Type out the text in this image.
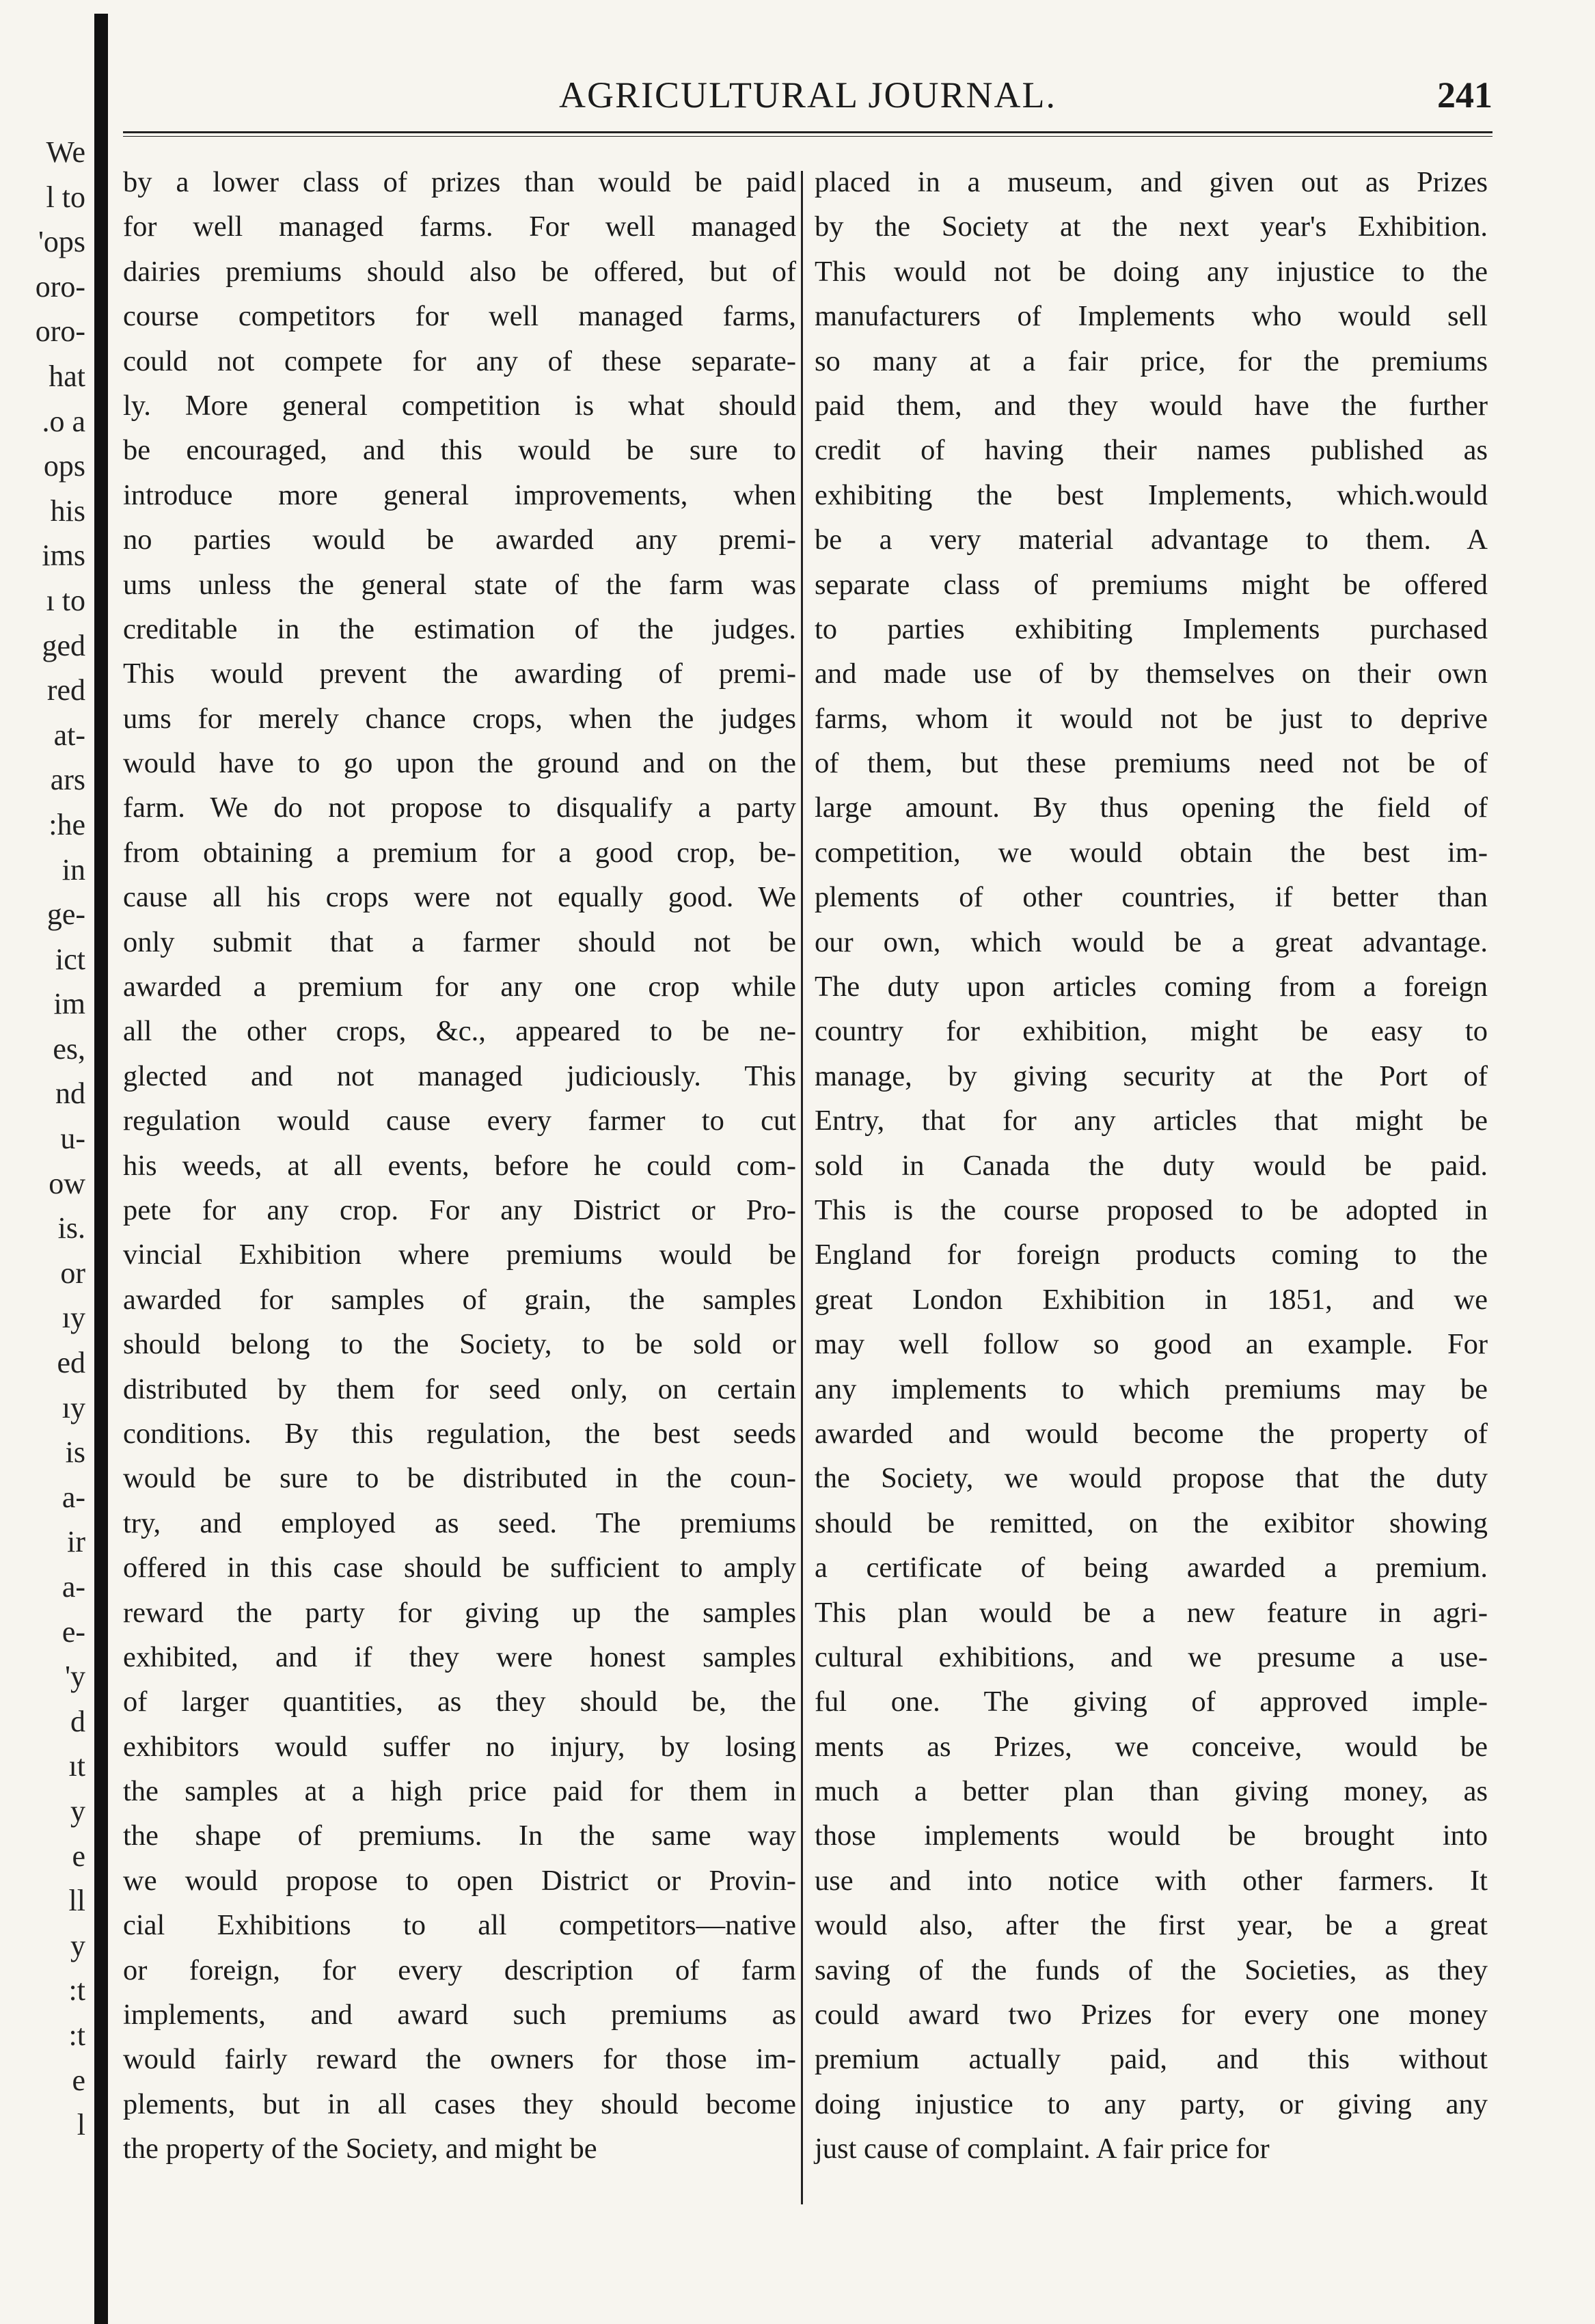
We
l to
'ops
oro-
oro-
hat
.o a
ops
his
ims
ı to
ged
red
at-
ars
:he
in
ge-
ict
im
es,
nd
u-
ow
is.
or
ıy
ed
ıy
is
a-
ir
a-
e-
'y
d
ıt
y
e
ll
y
:t
:t
e
l
AGRICULTURAL JOURNAL.	241
by a lower class of prizes than would be paid
for well managed farms. For well managed
dairies premiums should also be offered, but of
course competitors for well managed farms,
could not compete for any of these separate-
ly. More general competition is what should
be encouraged, and this would be sure to
introduce more general improvements, when
no parties would be awarded any premi-
ums unless the general state of the farm was
creditable in the estimation of the judges.
This would prevent the awarding of premi-
ums for merely chance crops, when the judges
would have to go upon the ground and on the
farm. We do not propose to disqualify a party
from obtaining a premium for a good crop, be-
cause all his crops were not equally good. We
only submit that a farmer should not be
awarded a premium for any one crop while
all the other crops, &c., appeared to be ne-
glected and not managed judiciously. This
regulation would cause every farmer to cut
his weeds, at all events, before he could com-
pete for any crop. For any District or Pro-
vincial Exhibition where premiums would be
awarded for samples of grain, the samples
should belong to the Society, to be sold or
distributed by them for seed only, on certain
conditions. By this regulation, the best seeds
would be sure to be distributed in the coun-
try, and employed as seed. The premiums
offered in this case should be sufficient to amply
reward the party for giving up the samples
exhibited, and if they were honest samples
of larger quantities, as they should be, the
exhibitors would suffer no injury, by losing
the samples at a high price paid for them in
the shape of premiums. In the same way
we would propose to open District or Provin-
cial Exhibitions to all competitors—native
or foreign, for every description of farm
implements, and award such premiums as
would fairly reward the owners for those im-
plements, but in all cases they should become
the property of the Society, and might be
placed in a museum, and given out as Prizes
by the Society at the next year's Exhibition.
This would not be doing any injustice to the
manufacturers of Implements who would sell
so many at a fair price, for the premiums
paid them, and they would have the further
credit of having their names published as
exhibiting the best Implements, which.would
be a very material advantage to them. A
separate class of premiums might be offered
to parties exhibiting Implements purchased
and made use of by themselves on their own
farms, whom it would not be just to deprive
of them, but these premiums need not be of
large amount. By thus opening the field of
competition, we would obtain the best im-
plements of other countries, if better than
our own, which would be a great advantage.
The duty upon articles coming from a foreign
country for exhibition, might be easy to
manage, by giving security at the Port of
Entry, that for any articles that might be
sold in Canada the duty would be paid.
This is the course proposed to be adopted in
England for foreign products coming to the
great London Exhibition in 1851, and we
may well follow so good an example. For
any implements to which premiums may be
awarded and would become the property of
the Society, we would propose that the duty
should be remitted, on the exibitor showing
a certificate of being awarded a premium.
This plan would be a new feature in agri-
cultural exhibitions, and we presume a use-
ful one. The giving of approved imple-
ments as Prizes, we conceive, would be
much a better plan than giving money, as
those implements would be brought into
use and into notice with other farmers. It
would also, after the first year, be a great
saving of the funds of the Societies, as they
could award two Prizes for every one money
premium actually paid, and this without
doing injustice to any party, or giving any
just cause of complaint. A fair price for
